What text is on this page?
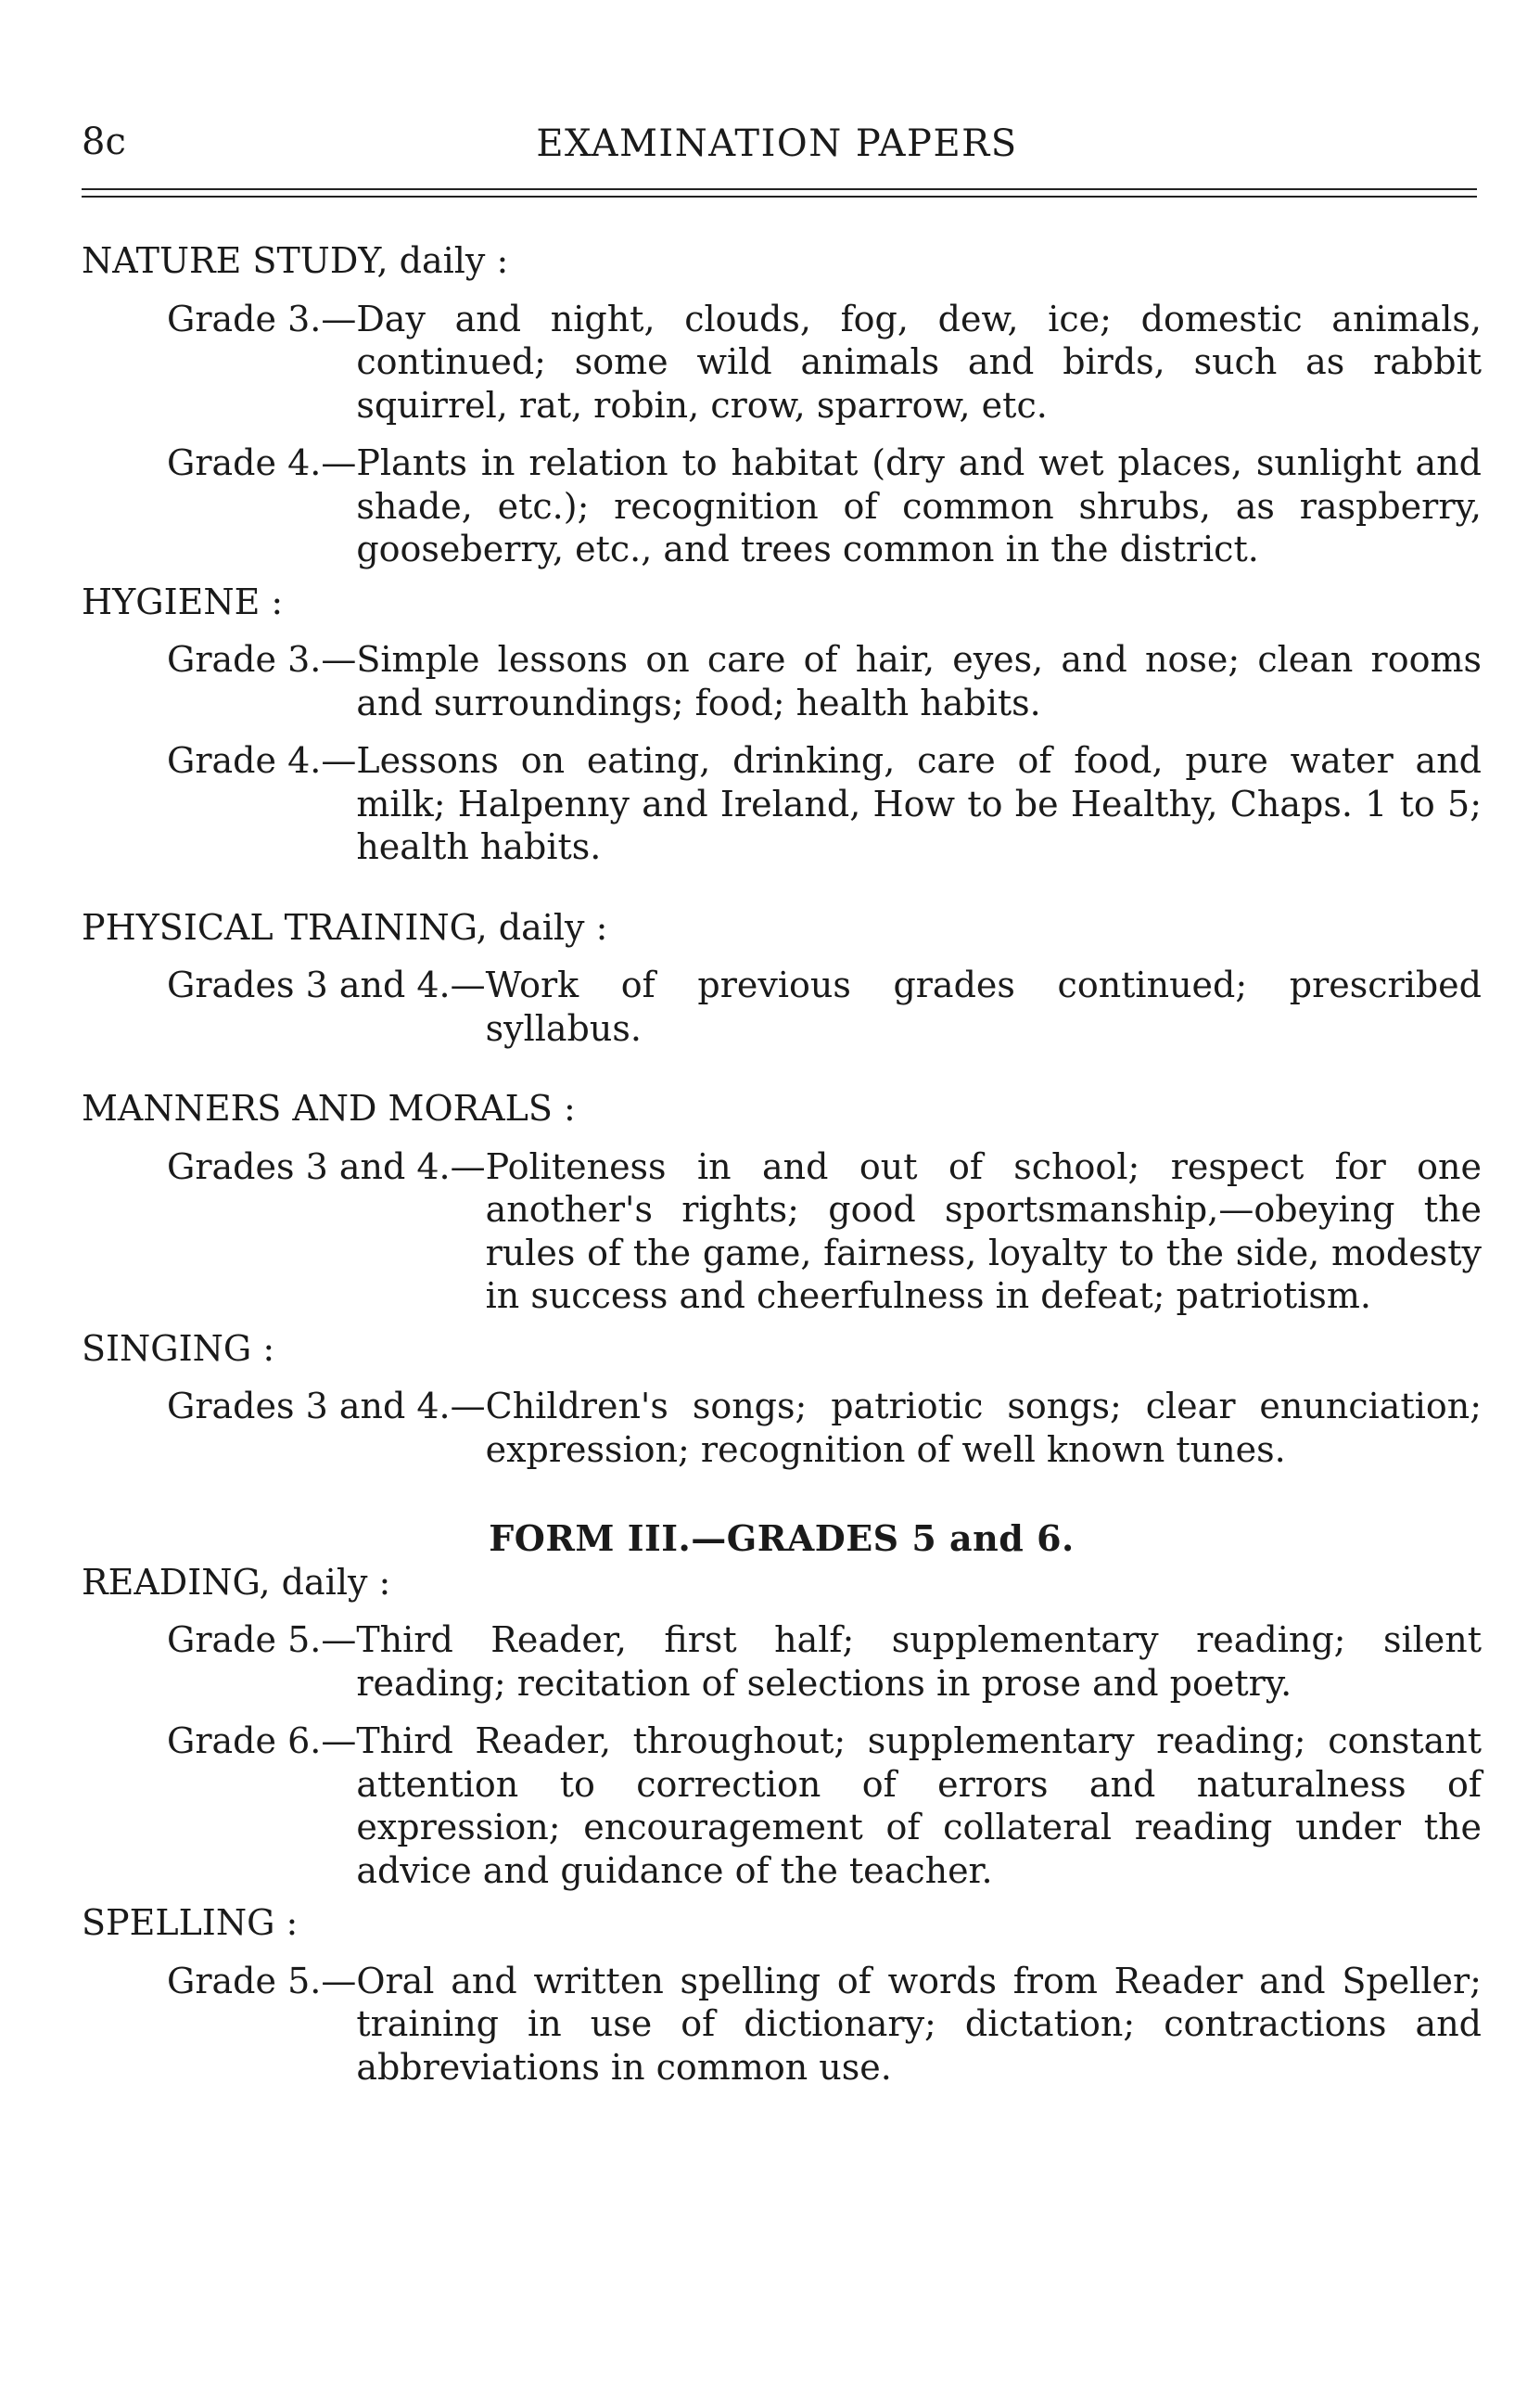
8c	EXAMINATION PAPERS

NATURE STUDY, daily :

Grade 3.— Day and night, clouds, fog, dew, ice; domestic animals, continued; some wild animals and birds, such as rabbit squirrel, rat, robin, crow, sparrow, etc.
Grade 4.— Plants in relation to habitat (dry and wet places, sunlight and shade, etc.); recognition of common shrubs, as raspberry, gooseberry, etc., and trees common in the district.

HYGIENE :

Grade 3.— Simple lessons on care of hair, eyes, and nose; clean rooms and surroundings; food; health habits.
Grade 4.— Lessons on eating, drinking, care of food, pure water and milk; Halpenny and Ireland, How to be Healthy, Chaps. 1 to 5; health habits.

PHYSICAL TRAINING, daily :

Grades 3 and 4.— Work of previous grades continued; prescribed syllabus.

MANNERS AND MORALS :

Grades 3 and 4.— Politeness in and out of school; respect for one another's rights; good sportsmanship,—obeying the rules of the game, fairness, loyalty to the side, modesty in success and cheerfulness in defeat; patriotism.

SINGING :

Grades 3 and 4.— Children's songs; patriotic songs; clear enunciation; expression; recognition of well known tunes.

FORM III.—GRADES 5 and 6.

READING, daily :

Grade 5.— Third Reader, first half; supplementary reading; silent reading; recitation of selections in prose and poetry.
Grade 6.— Third Reader, throughout; supplementary reading; constant attention to correction of errors and naturalness of expression; encouragement of collateral reading under the advice and guidance of the teacher.

SPELLING :

Grade 5.— Oral and written spelling of words from Reader and Speller; training in use of dictionary; dictation; contractions and abbreviations in common use.
